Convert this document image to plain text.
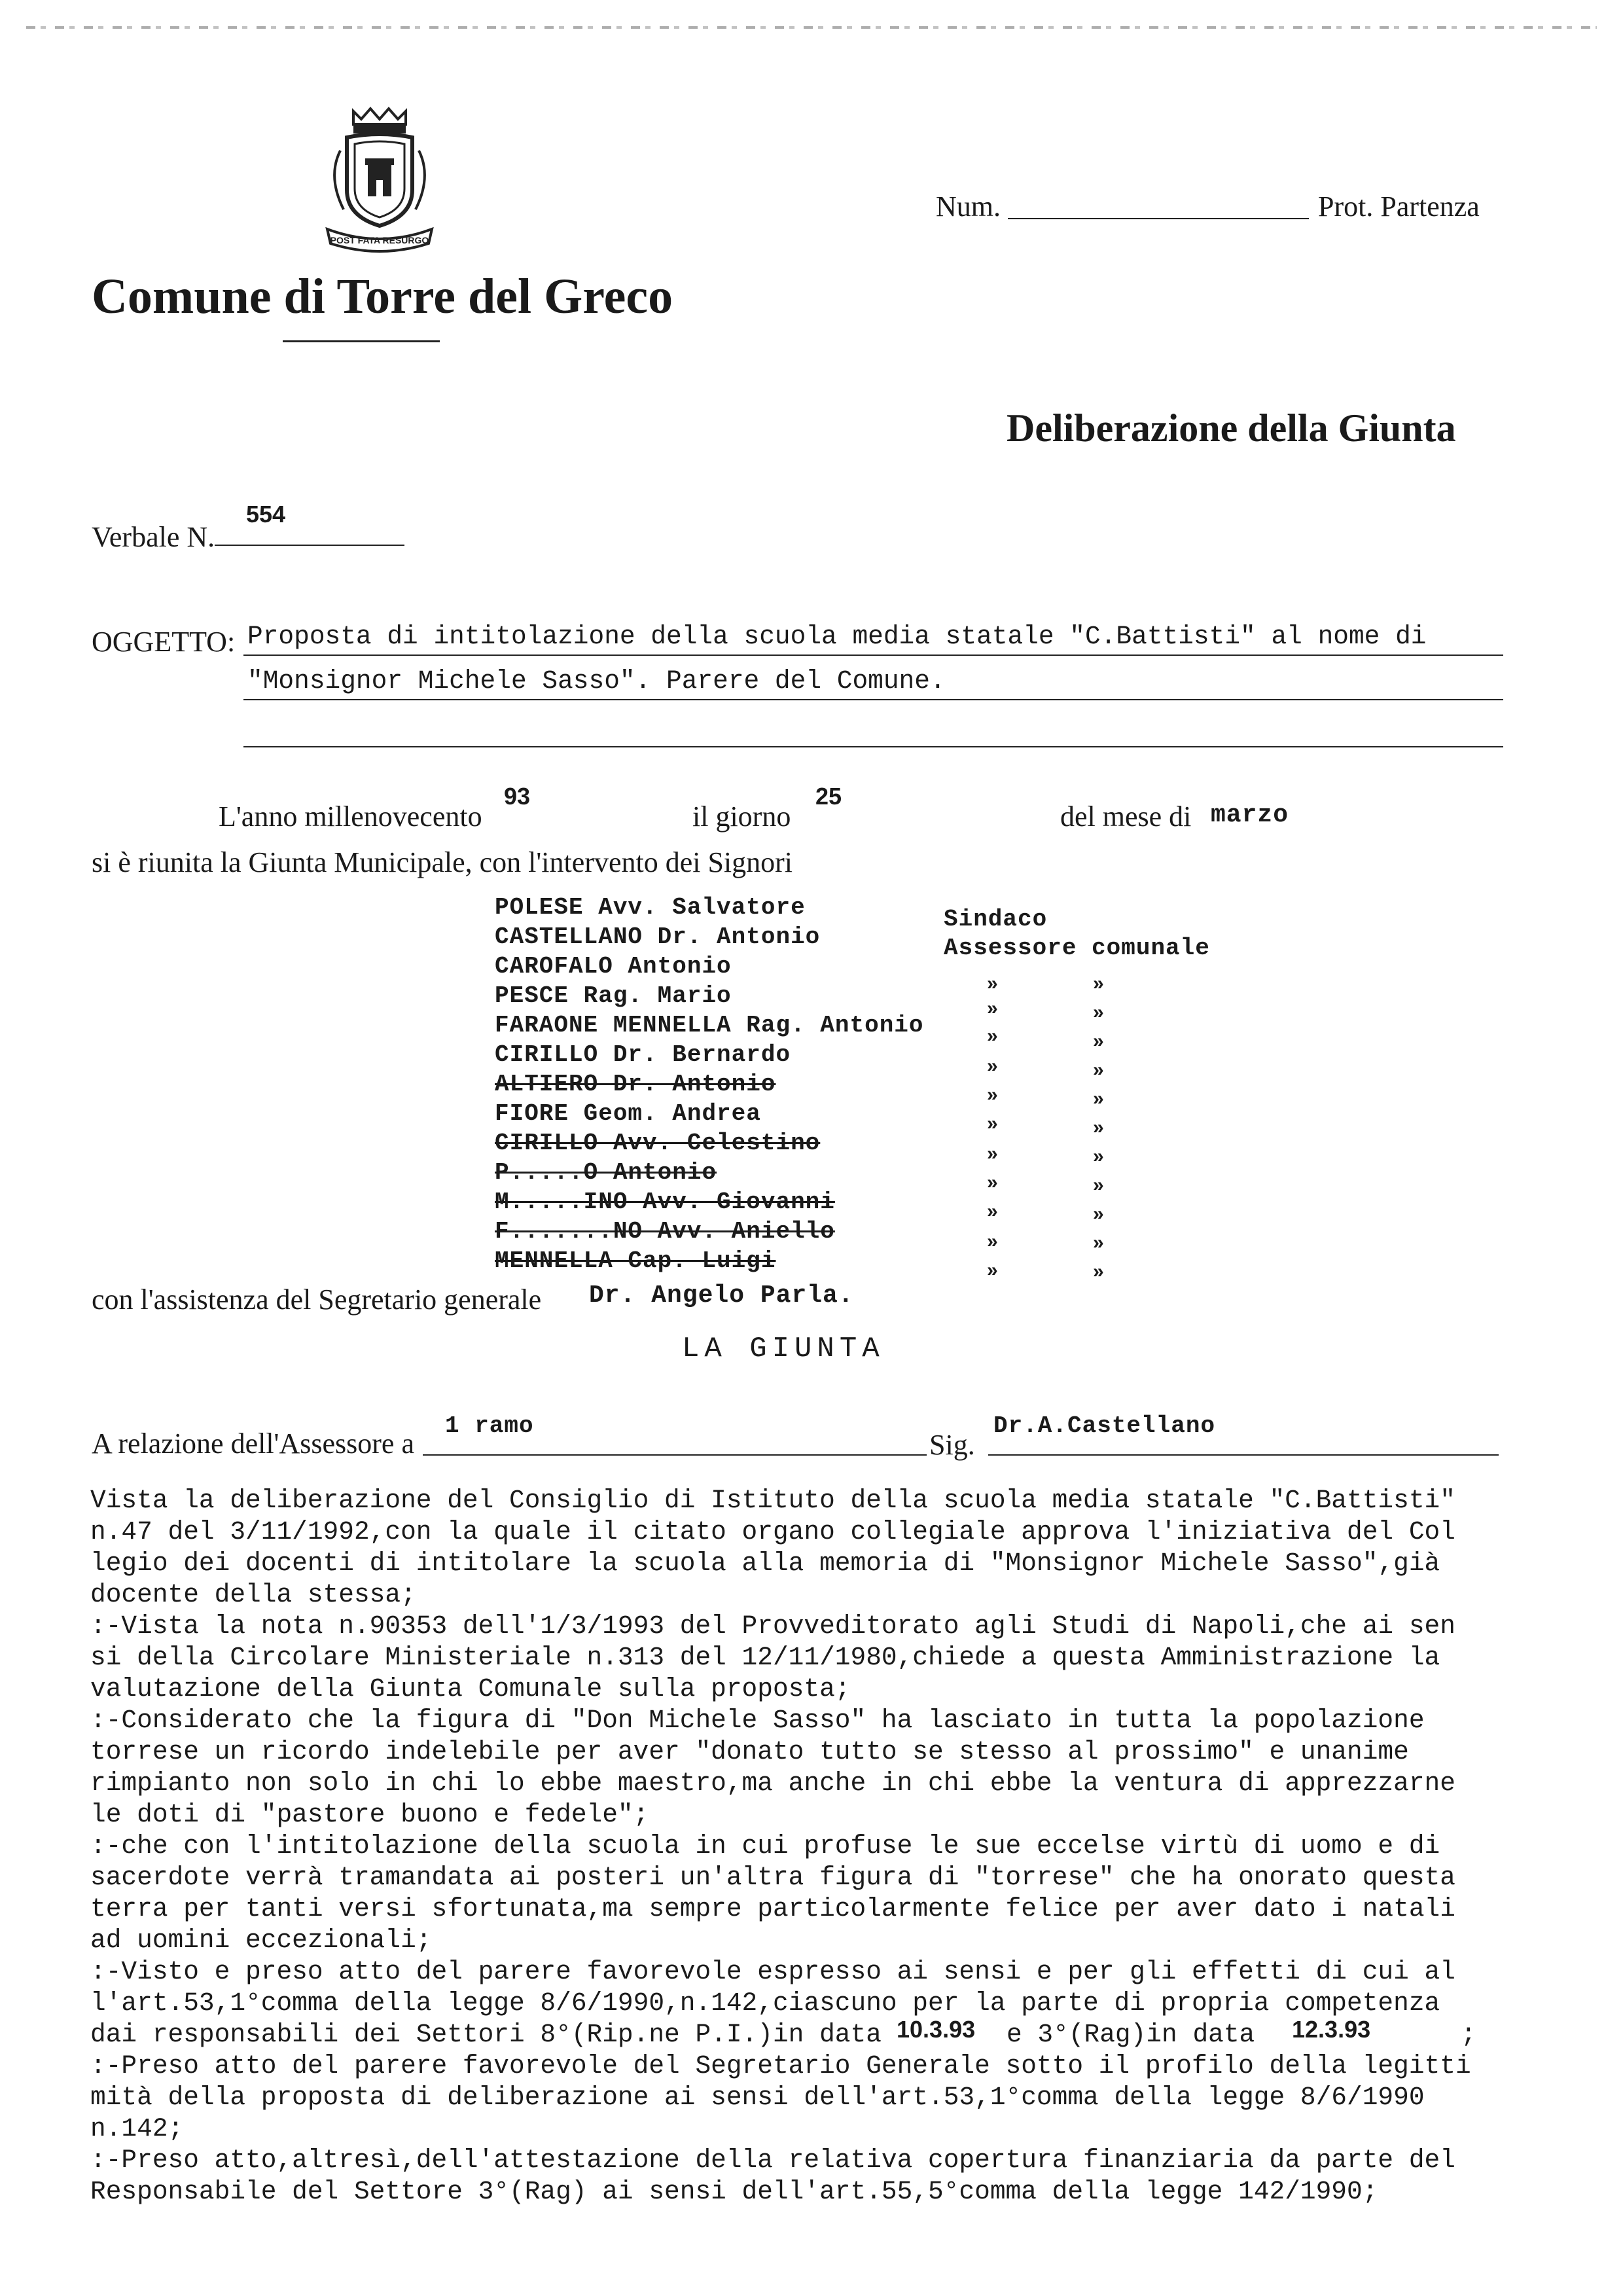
POST FATA RESURGO
Comune di Torre del Greco
Num.	Prot. Partenza
Deliberazione della Giunta
Verbale N.
554
OGGETTO: Proposta di intitolazione della scuola media statale "C.Battisti" al nome di
"Monsignor Michele Sasso". Parere del Comune.
L'anno millenovecento
93
il giorno
25
del mese di marzo
si è riunita la Giunta Municipale, con l'intervento dei Signori
Sindaco
Assessore comunale
POLESE Avv. Salvatore
CASTELLANO Dr. Antonio
CAROFALO Antonio
PESCE Rag. Mario
FARAONE MENNELLA Rag. Antonio
CIRILLO Dr. Bernardo
ALTIERO Dr. Antonio
FIORE Geom. Andrea
CIRILLO Avv. Celestino
P.....O Antonio
M.....INO Avv. Giovanni
F.......NO Avv. Aniello
MENNELLA Cap. Luigi
»
»
»
»
»
»
»
»
»
»
»
»
»
»
»
»
»
»
»
»
»
»
con l'assistenza del Segretario generale Dr. Angelo Parla.
LA GIUNTA
A relazione dell'Assessore a
1 ramo
Sig.
Dr.A.Castellano
Vista la deliberazione del Consiglio di Istituto della scuola media statale "C.Battisti"
n.47 del 3/11/1992,con la quale il citato organo collegiale approva l'iniziativa del Col
legio dei docenti di intitolare la scuola alla memoria di "Monsignor Michele Sasso",già
docente della stessa;
:-Vista la nota n.90353 dell'1/3/1993 del Provveditorato agli Studi di Napoli,che ai sen
si della Circolare Ministeriale n.313 del 12/11/1980,chiede a questa Amministrazione la
valutazione della Giunta Comunale sulla proposta;
:-Considerato che la figura di "Don Michele Sasso" ha lasciato in tutta la popolazione
torrese un ricordo indelebile per aver "donato tutto se stesso al prossimo" e unanime
rimpianto non solo in chi lo ebbe maestro,ma anche in chi ebbe la ventura di apprezzarne
le doti di "pastore buono e fedele";
:-che con l'intitolazione della scuola in cui profuse le sue eccelse virtù di uomo e di
sacerdote verrà tramandata ai posteri un'altra figura di "torrese" che ha onorato questa
terra per tanti versi sfortunata,ma sempre particolarmente felice per aver dato i natali
ad uomini eccezionali;
:-Visto e preso atto del parere favorevole espresso ai sensi e per gli effetti di cui al
l'art.53,1°comma della legge 8/6/1990,n.142,ciascuno per la parte di propria competenza
dai responsabili dei Settori 8°(Rip.ne P.I.)in data 10.3.93 e 3°(Rag)in data 12.3.93	;
:-Preso atto del parere favorevole del Segretario Generale sotto il profilo della legitti
mità della proposta di deliberazione ai sensi dell'art.53,1°comma della legge 8/6/1990
n.142;
:-Preso atto,altresì,dell'attestazione della relativa copertura finanziaria da parte del
Responsabile del Settore 3°(Rag) ai sensi dell'art.55,5°comma della legge 142/1990;
